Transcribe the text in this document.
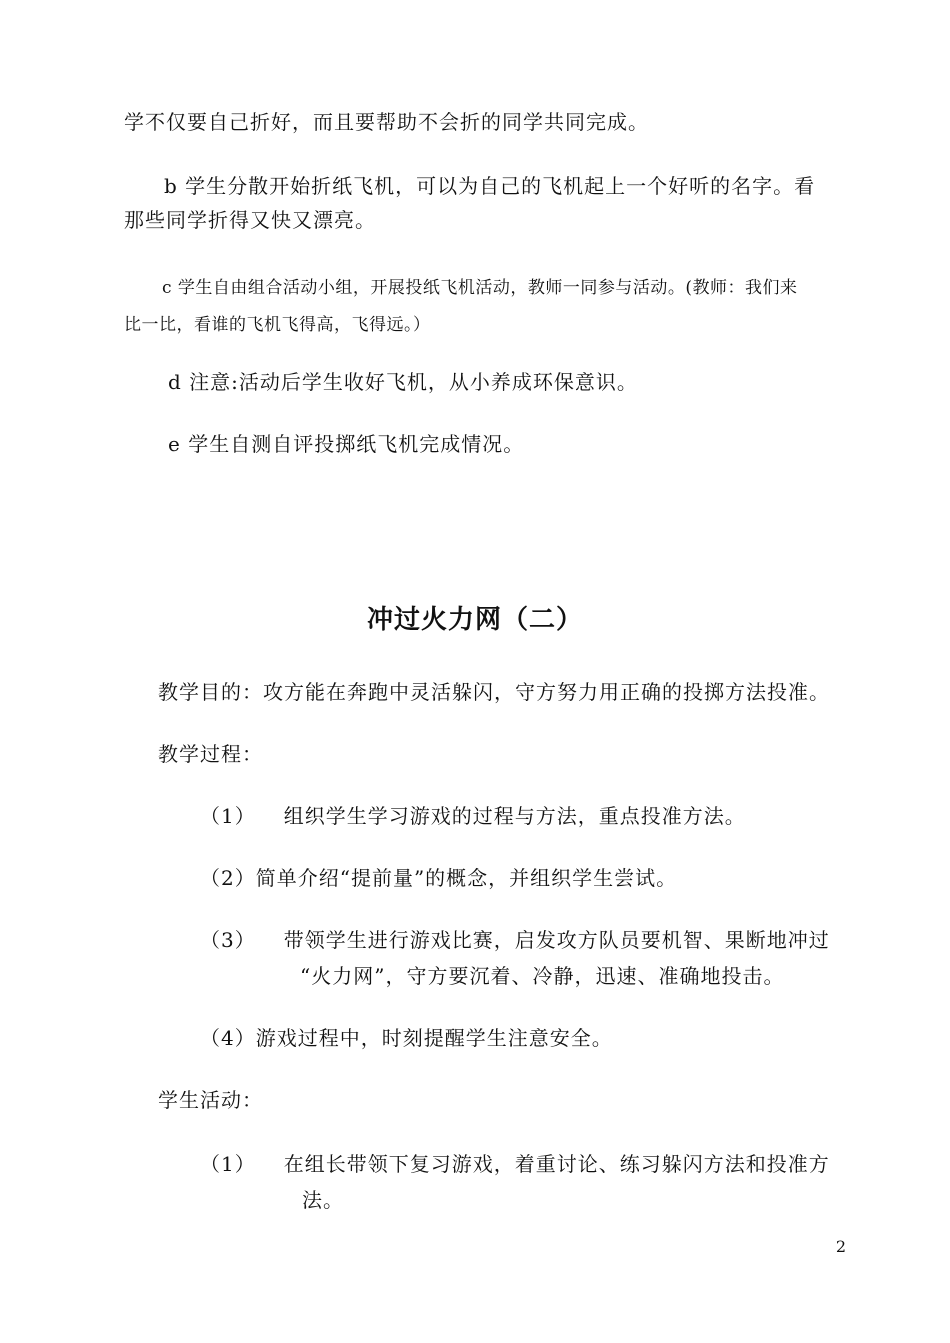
学不仅要自己折好，而且要帮助不会折的同学共同完成。
b 学生分散开始折纸飞机，可以为自己的飞机起上一个好听的名字。看
那些同学折得又快又漂亮。
c 学生自由组合活动小组，开展投纸飞机活动，教师一同参与活动。(教师：我们来
比一比，看谁的飞机飞得高，飞得远。）
d 注意:活动后学生收好飞机，从小养成环保意识。
e 学生自测自评投掷纸飞机完成情况。
冲过火力网（二）
教学目的：攻方能在奔跑中灵活躲闪，守方努力用正确的投掷方法投准。
教学过程：
（1） 组织学生学习游戏的过程与方法，重点投准方法。
（2）简单介绍“提前量”的概念，并组织学生尝试。
（3） 带领学生进行游戏比赛，启发攻方队员要机智、果断地冲过
“火力网”，守方要沉着、冷静，迅速、准确地投击。
（4）游戏过程中，时刻提醒学生注意安全。
学生活动：
（1） 在组长带领下复习游戏，着重讨论、练习躲闪方法和投准方
法。
2
